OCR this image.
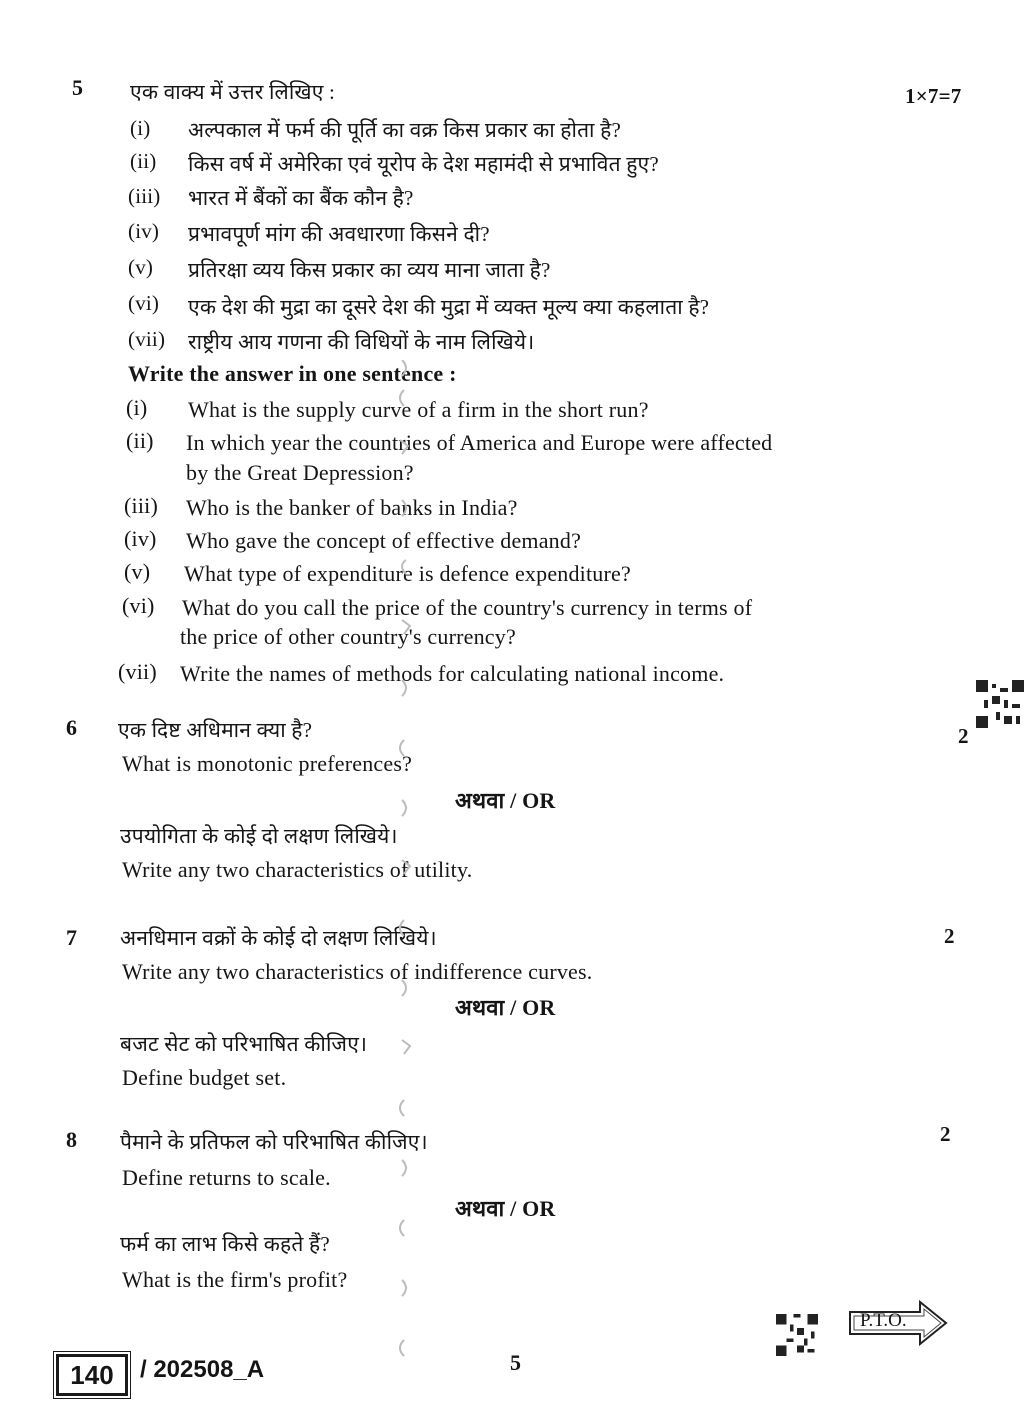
5 एक वाक्य में उत्तर लिखिए :	1×7=7
(i) अल्पकाल में फर्म की पूर्ति का वक्र किस प्रकार का होता है?
(ii) किस वर्ष में अमेरिका एवं यूरोप के देश महामंदी से प्रभावित हुए?
(iii) भारत में बैंकों का बैंक कौन है?
(iv) प्रभावपूर्ण मांग की अवधारणा किसने दी?
(v) प्रतिरक्षा व्यय किस प्रकार का व्यय माना जाता है?
(vi) एक देश की मुद्रा का दूसरे देश की मुद्रा में व्यक्त मूल्य क्या कहलाता है?
(vii) राष्ट्रीय आय गणना की विधियों के नाम लिखिये।
Write the answer in one sentence :
(i) What is the supply curve of a firm in the short run?
(ii) In which year the countries of America and Europe were affected
by the Great Depression?
(iii) Who is the banker of banks in India?
(iv) Who gave the concept of effective demand?
(v) What type of expenditure is defence expenditure?
(vi) What do you call the price of the country's currency in terms of
the price of other country's currency?
(vii) Write the names of methods for calculating national income.
6 एक दिष्ट अधिमान क्या है?	2
What is monotonic preferences?
अथवा / OR
उपयोगिता के कोई दो लक्षण लिखिये।
Write any two characteristics of utility.
7 अनधिमान वक्रों के कोई दो लक्षण लिखिये।	2
Write any two characteristics of indifference curves.
अथवा / OR
बजट सेट को परिभाषित कीजिए।
Define budget set.
8 पैमाने के प्रतिफल को परिभाषित कीजिए।	2
Define returns to scale.
अथवा / OR
फर्म का लाभ किसे कहते हैं?
What is the firm's profit?
P.T.O.
140	/ 202508_A	5
